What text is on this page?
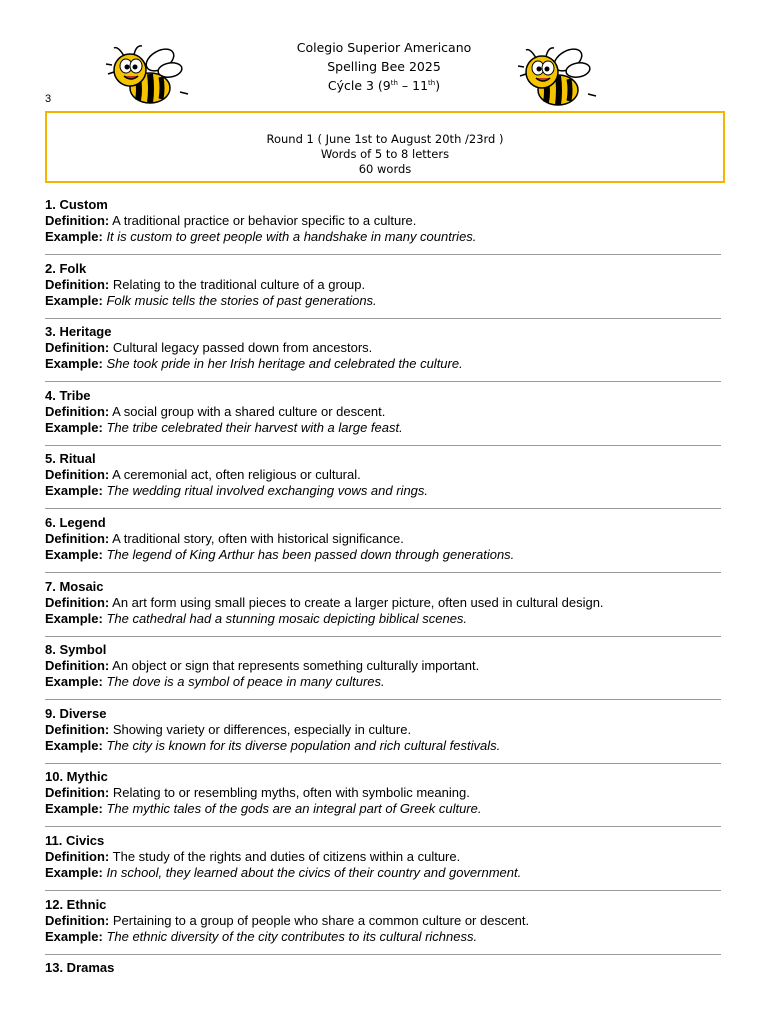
Colegio Superior Americano
Spelling Bee 2025
Cýcle 3 (9th – 11th)
3
Round 1 ( June 1st to August 20th /23rd )
Words of 5 to 8 letters
60 words
1. Custom
Definition: A traditional practice or behavior specific to a culture.
Example: It is custom to greet people with a handshake in many countries.
2. Folk
Definition: Relating to the traditional culture of a group.
Example: Folk music tells the stories of past generations.
3. Heritage
Definition: Cultural legacy passed down from ancestors.
Example: She took pride in her Irish heritage and celebrated the culture.
4. Tribe
Definition: A social group with a shared culture or descent.
Example: The tribe celebrated their harvest with a large feast.
5. Ritual
Definition: A ceremonial act, often religious or cultural.
Example: The wedding ritual involved exchanging vows and rings.
6. Legend
Definition: A traditional story, often with historical significance.
Example: The legend of King Arthur has been passed down through generations.
7. Mosaic
Definition: An art form using small pieces to create a larger picture, often used in cultural design.
Example: The cathedral had a stunning mosaic depicting biblical scenes.
8. Symbol
Definition: An object or sign that represents something culturally important.
Example: The dove is a symbol of peace in many cultures.
9. Diverse
Definition: Showing variety or differences, especially in culture.
Example: The city is known for its diverse population and rich cultural festivals.
10. Mythic
Definition: Relating to or resembling myths, often with symbolic meaning.
Example: The mythic tales of the gods are an integral part of Greek culture.
11. Civics
Definition: The study of the rights and duties of citizens within a culture.
Example: In school, they learned about the civics of their country and government.
12. Ethnic
Definition: Pertaining to a group of people who share a common culture or descent.
Example: The ethnic diversity of the city contributes to its cultural richness.
13. Dramas
